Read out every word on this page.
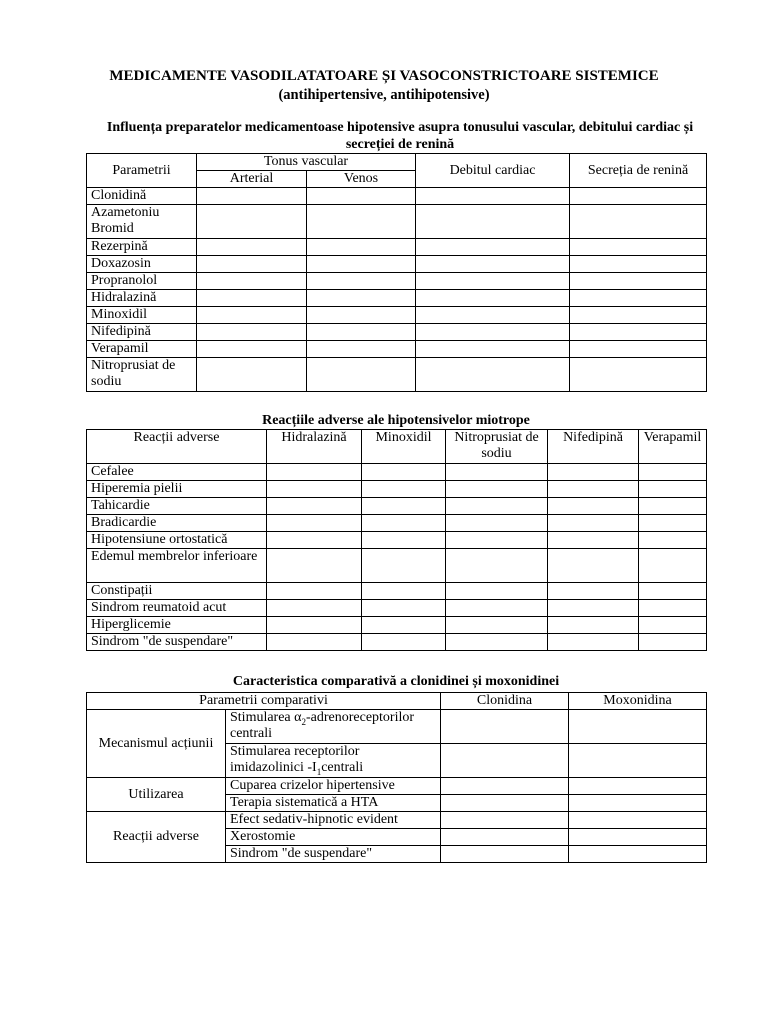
MEDICAMENTE VASODILATATOARE ȘI VASOCONSTRICTOARE SISTEMICE
(antihipertensive, antihipotensive)
Influența preparatelor medicamentoase hipotensive asupra tonusului vascular, debitului cardiac și secreției de renină
Parametrii	Tonus vascular		Debitul cardiac	Secreția de renină
	Arterial	Venos		
Clonidină				
Azametoniu Bromid				
Rezerpină				
Doxazosin				
Propranolol				
Hidralazină				
Minoxidil				
Nifedipină				
Verapamil				
Nitroprusiat de sodiu				
Reacțiile adverse ale hipotensivelor miotrope
Reacții adverse	Hidralazină	Minoxidil	Nitroprusiat de sodiu	Nifedipină	Verapamil
Cefalee					
Hiperemia pielii					
Tahicardie					
Bradicardie					
Hipotensiune ortostatică					
Edemul membrelor inferioare					
Constipații					
Sindrom reumatoid acut					
Hiperglicemie					
Sindrom "de suspendare"					
Caracteristica comparativă a clonidinei și moxonidinei
Parametrii comparativi		Clonidina	Moxonidina
Mecanismul acțiunii	Stimularea $\alpha_2$-adrenoreceptorilor centrali		
	Stimularea receptorilor imidazolinici $-I_1centrali$		
Utilizarea	Cuparea crizelor hipertensive		
	Terapia sistematică a HTA		
Reacții adverse	Efect sedativ-hipnotic evident		
	Xerostomie		
	Sindrom "de suspendare"		
